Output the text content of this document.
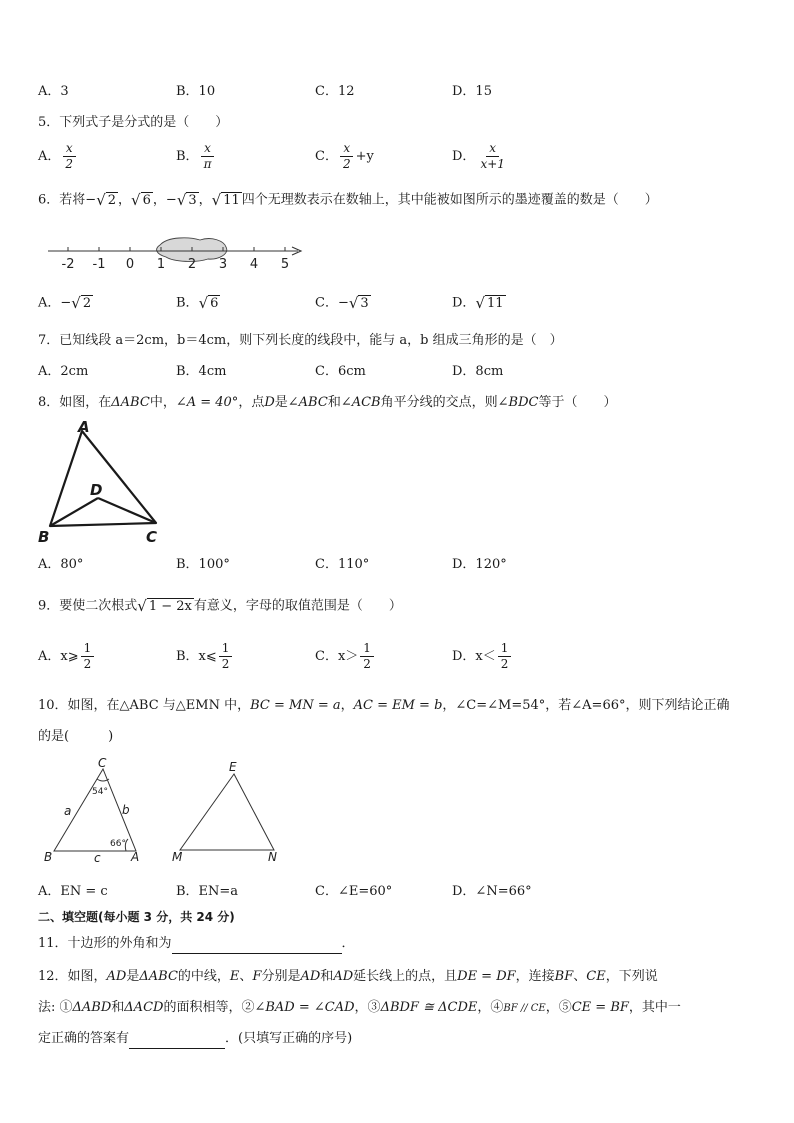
A．3	B．10	C．12	D．15
5．下列式子是分式的是（　　）
A． $\frac{x}{2}$	B． $\frac{x}{\pi}$	C． $\frac{x}{2} +y$	D． $\frac{x}{x+1}$
6．若将− √ 2 ， √ 6 ，− √ 3 ， √ 11 四个无理数表示在数轴上，其中能被如图所示的墨迹覆盖的数是（　　）
-2 -1 0 1 2 3 4 5
A．− √ 2	B． √ 6	C．− √ 3	D． √ 11
7．已知线段 a＝2cm，b＝4cm，则下列长度的线段中，能与 a，b 组成三角形的是（　）
A．2cm	B．4cm	C．6cm	D．8cm
8．如图，在ΔABC中，∠A = 40°，点D是∠ABC和∠ACB角平分线的交点，则∠BDC等于（　　）
A
B	C
D
A．80°	B．100°	C．110°	D．120°
9．要使二次根式 √ 1 − 2x 有意义，字母的取值范围是（　　）
A．x⩾ $\frac{1}{2}$	B．x⩽ $\frac{1}{2}$	C．$x> \frac{1}{2}$	D．$x< \frac{1}{2}$
10．如图，在△ABC 与△EMN 中，BC = MN = a，AC = EM = b，∠C=∠M=54°，若∠A=66°，则下列结论正确
的是(　　　)
C
B	A
a	b
c
54°
66°
E
M	N
A．EN = c	B．EN=a	C．∠E=60°	D．∠N=66°
二、填空题(每小题 3 分，共 24 分)
11．十边形的外角和为	．
12．如图，AD是ΔABC的中线，E、F分别是AD和AD延长线上的点，且DE = DF，连接BF、CE，下列说
法: ①ΔABD和ΔACD的面积相等，②∠BAD = ∠CAD，③ΔBDF ≅ ΔCDE，④BF // CE，⑤CE = BF，其中一
定正确的答案有	．(只填写正确的序号)
